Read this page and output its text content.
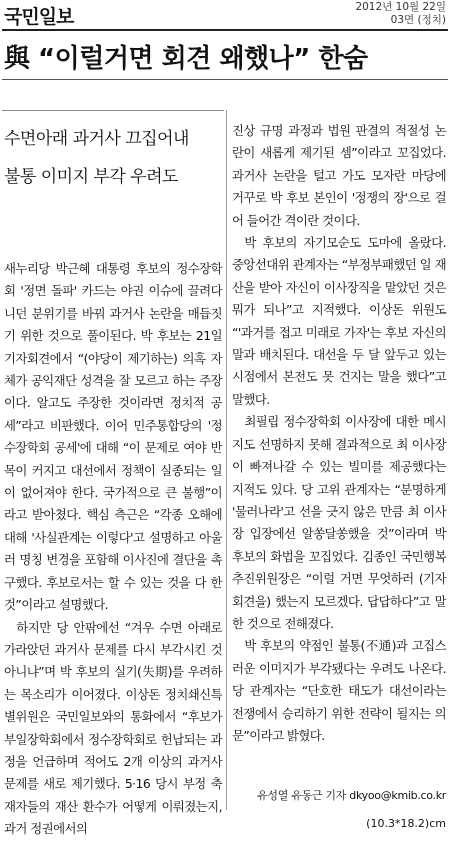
국민일보	2012년 10월 22일
03면 (정치)
與 “이럴거면 회견 왜했나” 한숨
수면아래 과거사 끄집어내
불통 이미지 부각 우려도

새누리당 박근혜 대통령 후보의 정수장학회 '정면 돌파' 카드는 야권 이슈에 끌려다니던 분위기를 바꿔 과거사 논란을 매듭짓기 위한 것으로 풀이된다. 박 후보는 21일 기자회견에서 “(야당이 제기하는) 의혹 자체가 공익재단 성격을 잘 모르고 하는 주장이다. 알고도 주장한 것이라면 정치적 공세”라고 비판했다. 이어 민주통합당의 '정수장학회 공세'에 대해 “이 문제로 여야 반목이 커지고 대선에서 정책이 실종되는 일이 없어져야 한다. 국가적으로 큰 불행”이라고 받아쳤다. 핵심 측근은 “각종 오해에 대해 '사실관계는 이렇다'고 설명하고 아울러 명칭 변경을 포함해 이사진에 결단을 촉구했다. 후보로서는 할 수 있는 것을 다 한 것”이라고 설명했다.

하지만 당 안팎에선 “겨우 수면 아래로 가라앉던 과거사 문제를 다시 부각시킨 것 아니냐”며 박 후보의 실기(失期)를 우려하는 목소리가 이어졌다. 이상돈 정치쇄신특별위원은 국민일보와의 통화에서 “후보가 부일장학회에서 정수장학회로 헌납되는 과정을 언급하며 적어도 2개 이상의 과거사 문제를 새로 제기했다. 5·16 당시 부정 축재자들의 재산 환수가 어떻게 이뤄졌는지, 과거 정권에서의

진상 규명 과정과 법원 판결의 적절성 논란이 새롭게 제기된 셈”이라고 꼬집었다. 과거사 논란을 털고 가도 모자란 마당에 거꾸로 박 후보 본인이 '정쟁의 장'으로 걸어 들어간 격이란 것이다.

박 후보의 자기모순도 도마에 올랐다. 중앙선대위 관계자는 “부정부패했던 일 재산을 받아 자신이 이사장직을 맡았던 것은 뭐가 되나”고 지적했다. 이상돈 위원도 “'과거를 접고 미래로 가자'는 후보 자신의 말과 배치된다. 대선을 두 달 앞두고 있는 시점에서 본전도 못 건지는 말을 했다”고 말했다.

최필립 정수장학회 이사장에 대한 메시지도 선명하지 못해 결과적으로 최 이사장이 빠져나갈 수 있는 빌미를 제공했다는 지적도 있다. 당 고위 관계자는 “분명하게 '물러나라'고 선을 긋지 않은 만큼 최 이사장 입장에선 알쏭달쏭했을 것”이라며 박 후보의 화법을 꼬집었다. 김종인 국민행복추진위원장은 “이럴 거면 무엇하러 (기자회견을) 했는지 모르겠다. 답답하다”고 말한 것으로 전해졌다.

박 후보의 약점인 불통(不通)과 고집스러운 이미지가 부각됐다는 우려도 나온다. 당 관계자는 “단호한 태도가 대선이라는 전쟁에서 승리하기 위한 전략이 될지는 의문”이라고 밝혔다.

유성열 유동근 기자 dkyoo@kmib.co.kr
(10.3*18.2)cm
